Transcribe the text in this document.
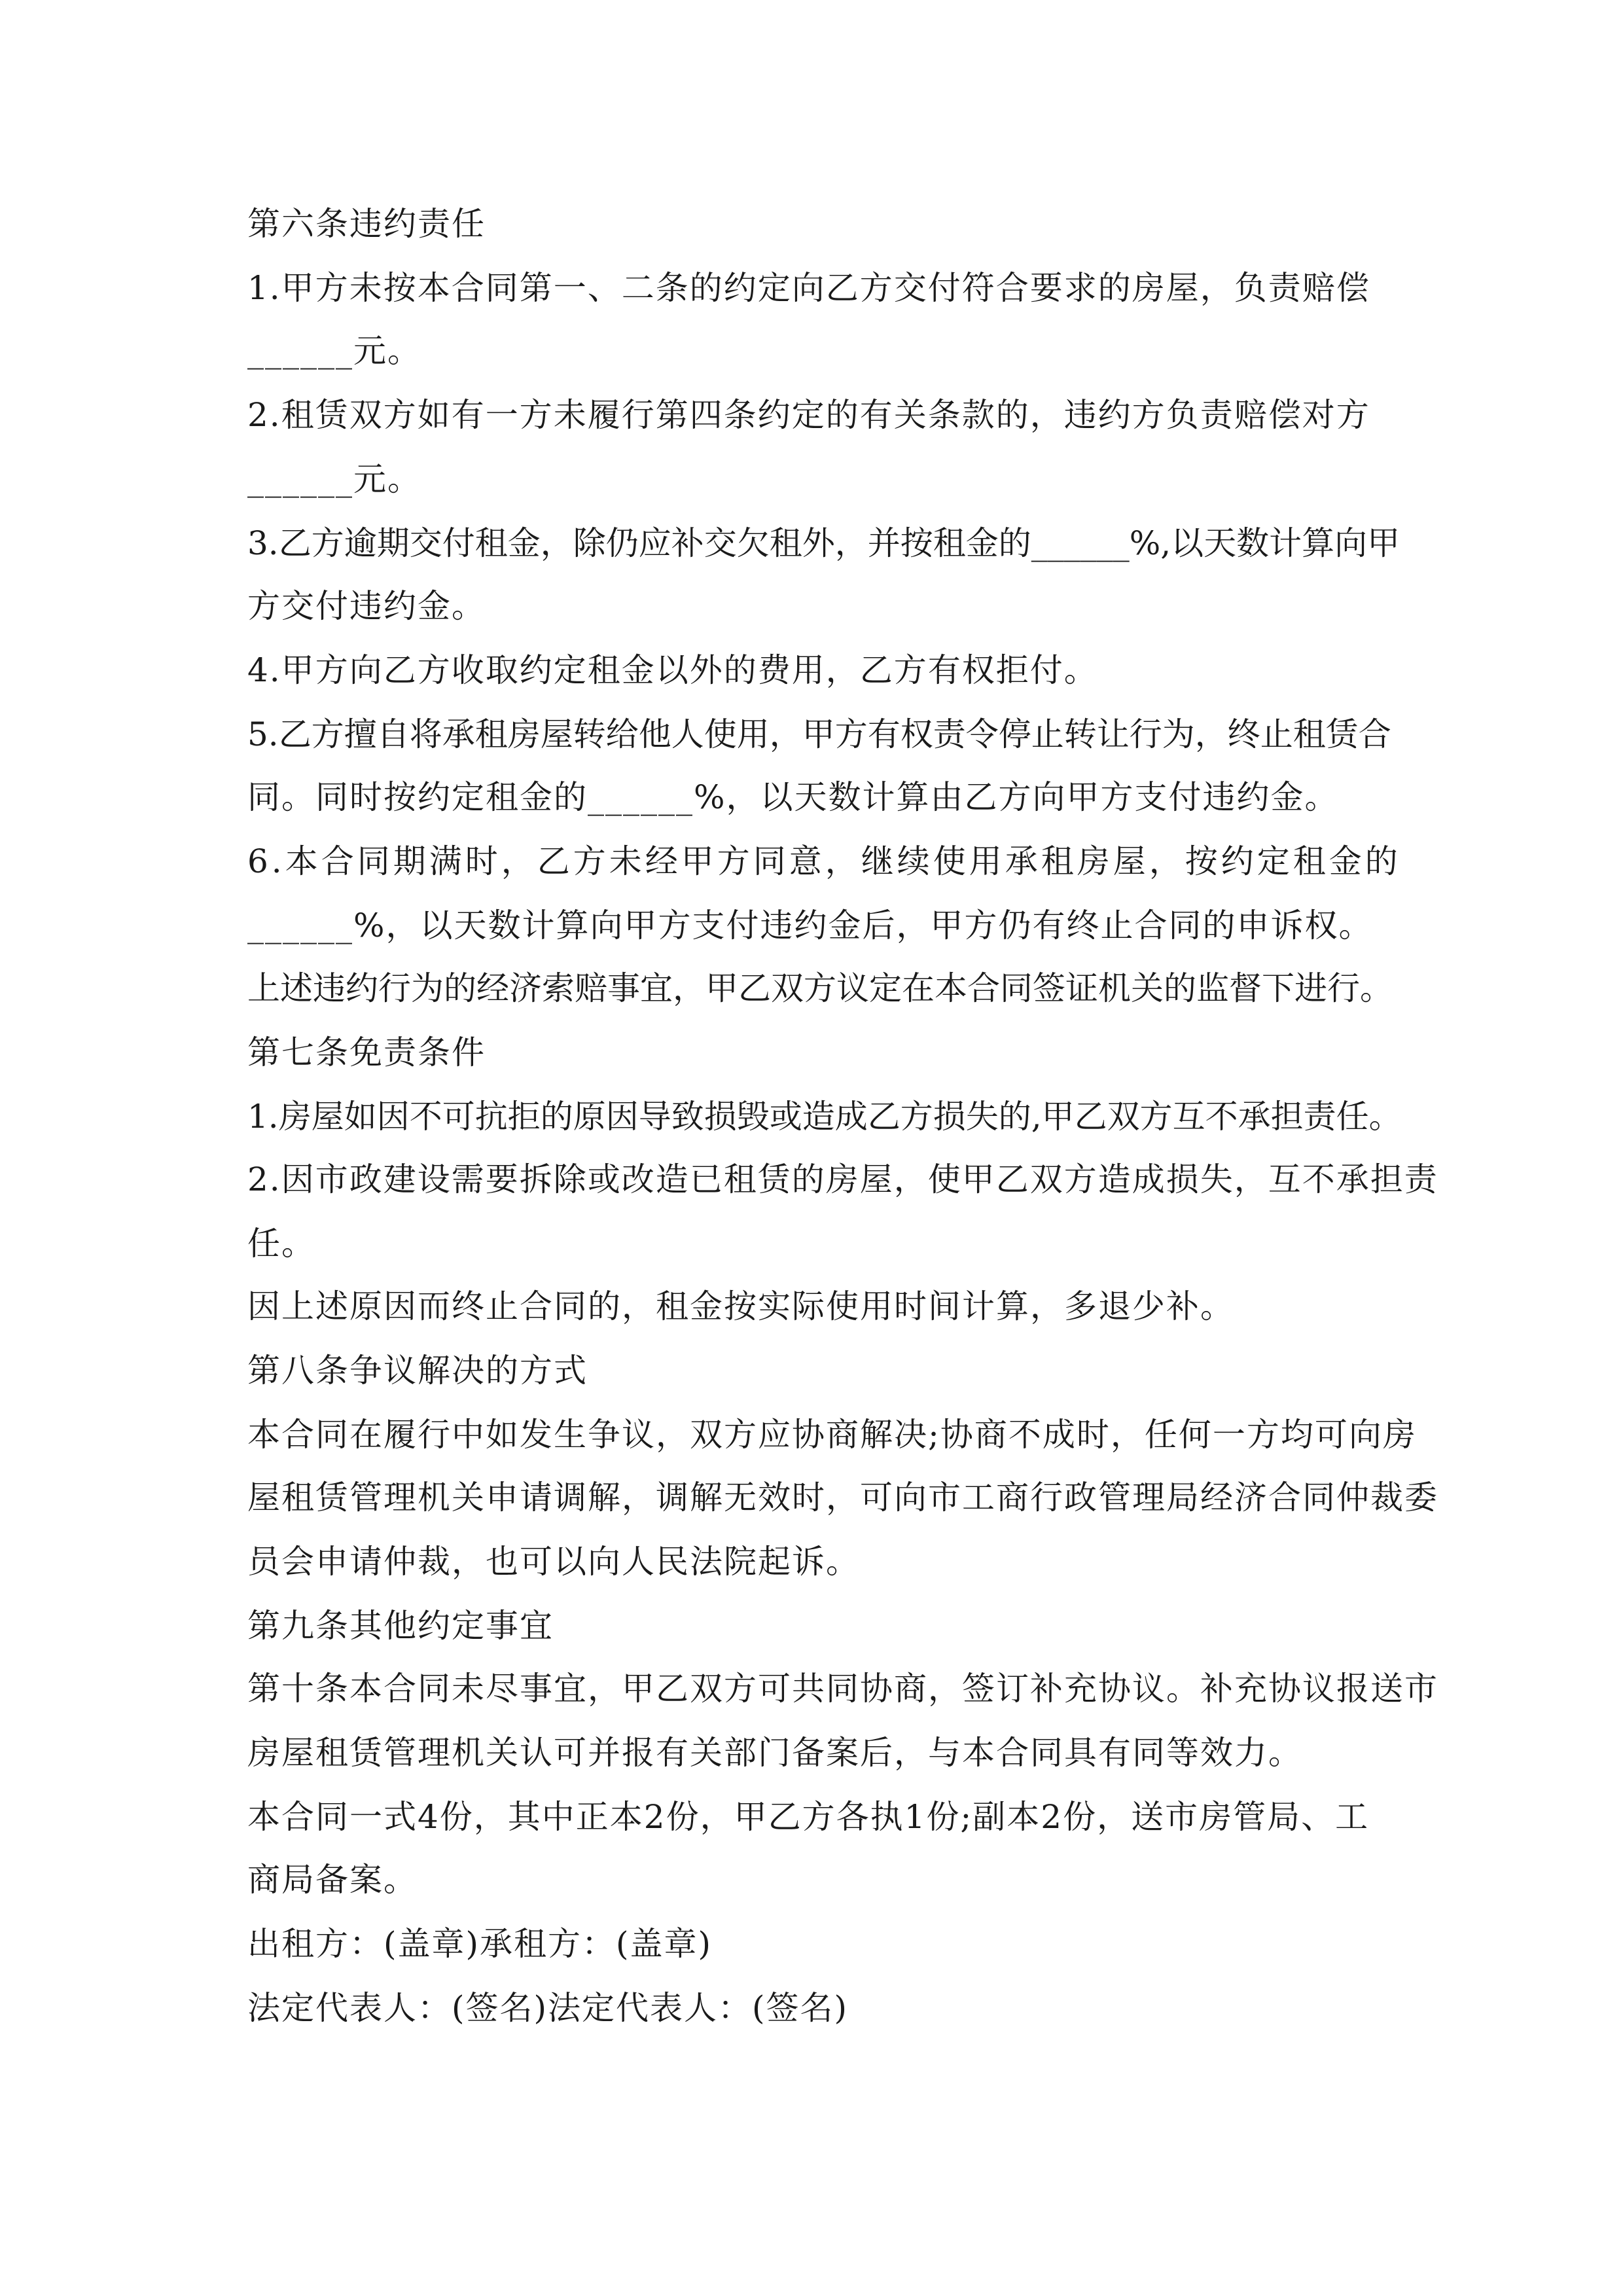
第六条违约责任
1.甲方未按本合同第一、二条的约定向乙方交付符合要求的房屋，负责赔偿
______元。
2.租赁双方如有一方未履行第四条约定的有关条款的，违约方负责赔偿对方
______元。
3.乙方逾期交付租金，除仍应补交欠租外，并按租金的______%,以天数计算向甲
方交付违约金。
4.甲方向乙方收取约定租金以外的费用，乙方有权拒付。
5.乙方擅自将承租房屋转给他人使用，甲方有权责令停止转让行为，终止租赁合
同。同时按约定租金的______%，以天数计算由乙方向甲方支付违约金。
6.本合同期满时，乙方未经甲方同意，继续使用承租房屋，按约定租金的
______%，以天数计算向甲方支付违约金后，甲方仍有终止合同的申诉权。
上述违约行为的经济索赔事宜，甲乙双方议定在本合同签证机关的监督下进行。
第七条免责条件
1.房屋如因不可抗拒的原因导致损毁或造成乙方损失的,甲乙双方互不承担责任。
2.因市政建设需要拆除或改造已租赁的房屋，使甲乙双方造成损失，互不承担责
任。
因上述原因而终止合同的，租金按实际使用时间计算，多退少补。
第八条争议解决的方式
本合同在履行中如发生争议，双方应协商解决;协商不成时，任何一方均可向房
屋租赁管理机关申请调解，调解无效时，可向市工商行政管理局经济合同仲裁委
员会申请仲裁，也可以向人民法院起诉。
第九条其他约定事宜
第十条本合同未尽事宜，甲乙双方可共同协商，签订补充协议。补充协议报送市
房屋租赁管理机关认可并报有关部门备案后，与本合同具有同等效力。
本合同一式4份，其中正本2份，甲乙方各执1份;副本2份，送市房管局、工
商局备案。
出租方：(盖章)承租方：(盖章)
法定代表人：(签名)法定代表人：(签名)
